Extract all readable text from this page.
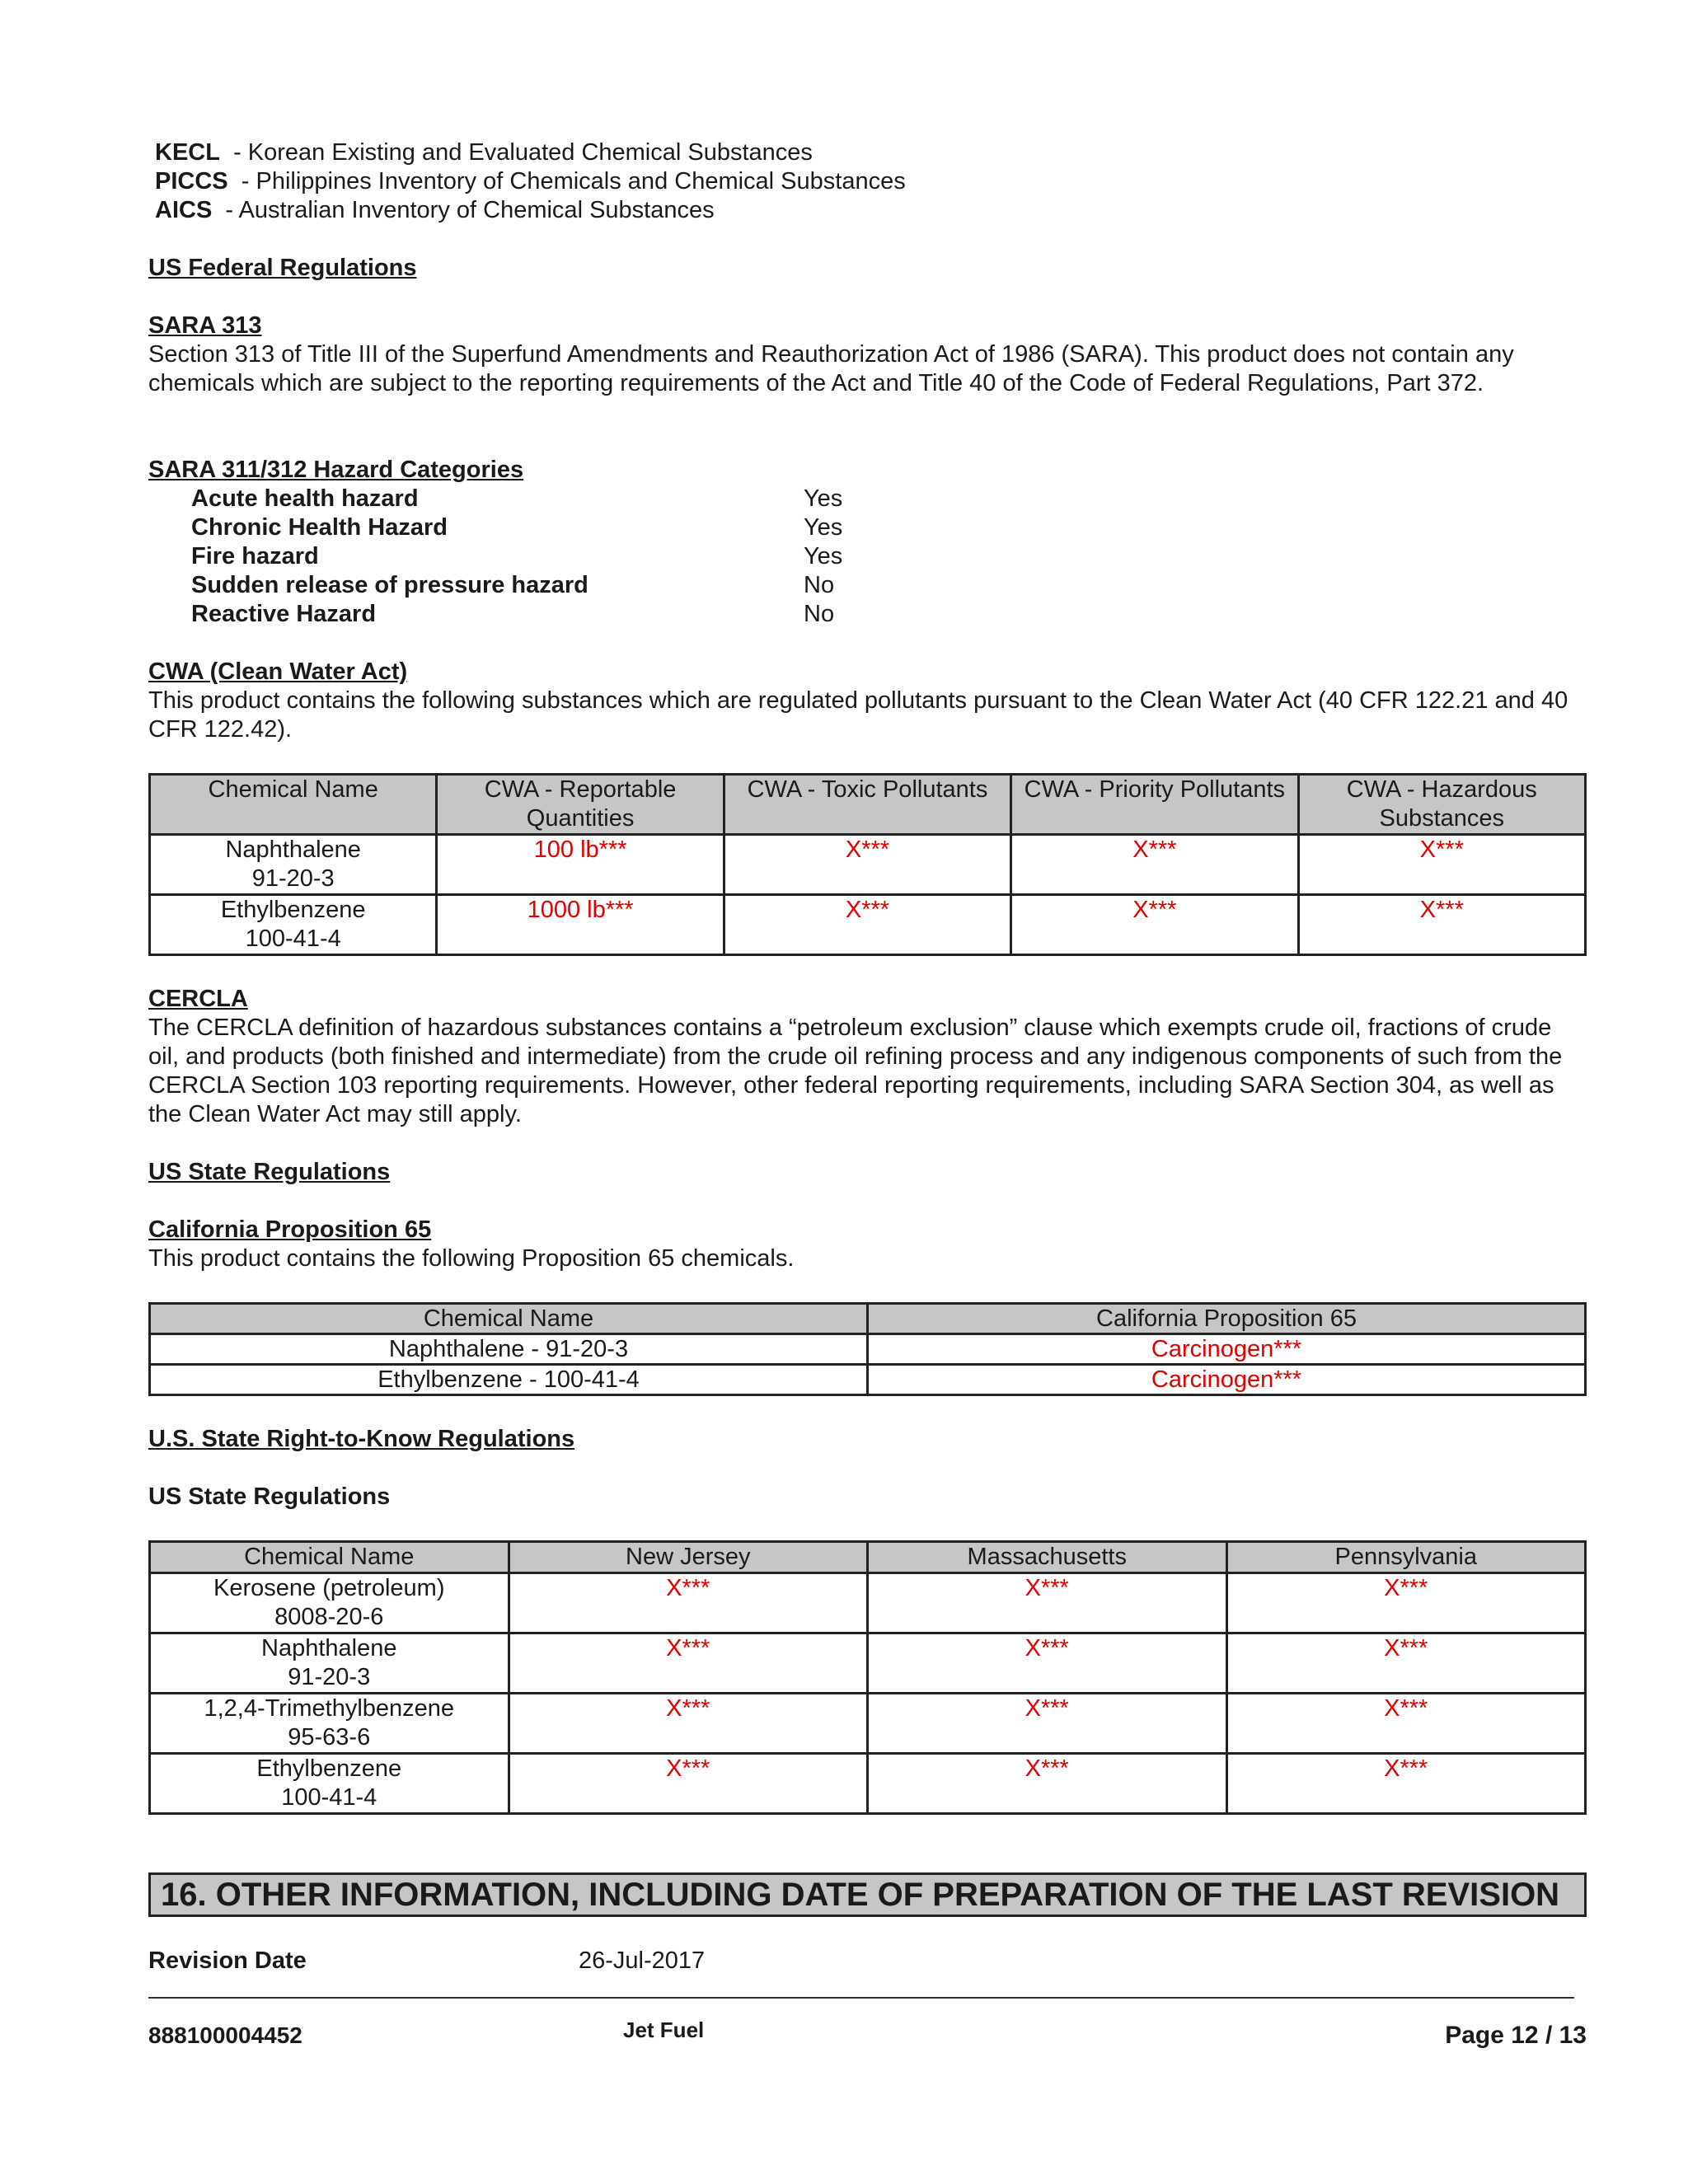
KECL - Korean Existing and Evaluated Chemical Substances
PICCS - Philippines Inventory of Chemicals and Chemical Substances
AICS - Australian Inventory of Chemical Substances
US Federal Regulations
SARA 313
Section 313 of Title III of the Superfund Amendments and Reauthorization Act of 1986 (SARA). This product does not contain any chemicals which are subject to the reporting requirements of the Act and Title 40 of the Code of Federal Regulations, Part 372.
SARA 311/312 Hazard Categories
Acute health hazard	Yes
Chronic Health Hazard	Yes
Fire hazard	Yes
Sudden release of pressure hazard	No
Reactive Hazard	No
CWA (Clean Water Act)
This product contains the following substances which are regulated pollutants pursuant to the Clean Water Act (40 CFR 122.21 and 40 CFR 122.42).
Chemical Name	CWA - Reportable Quantities	CWA - Toxic Pollutants	CWA - Priority Pollutants	CWA - Hazardous Substances

Naphthalene
91-20-3	100 lb***	X***	X***	X***

Ethylbenzene
100-41-4	1000 lb***	X***	X***	X***
CERCLA
The CERCLA definition of hazardous substances contains a “petroleum exclusion” clause which exempts crude oil, fractions of crude oil, and products (both finished and intermediate) from the crude oil refining process and any indigenous components of such from the CERCLA Section 103 reporting requirements. However, other federal reporting requirements, including SARA Section 304, as well as the Clean Water Act may still apply.
US State Regulations
California Proposition 65
This product contains the following Proposition 65 chemicals.
Chemical Name	California Proposition 65
Naphthalene - 91-20-3	Carcinogen***
Ethylbenzene - 100-41-4	Carcinogen***
U.S. State Right-to-Know Regulations
US State Regulations
Chemical Name	New Jersey	Massachusetts	Pennsylvania

Kerosene (petroleum)
8008-20-6	X***	X***	X***

Naphthalene
91-20-3	X***	X***	X***

1,2,4-Trimethylbenzene
95-63-6	X***	X***	X***

Ethylbenzene
100-41-4	X***	X***	X***
16. OTHER INFORMATION, INCLUDING DATE OF PREPARATION OF THE LAST REVISION
Revision Date	26-Jul-2017
888100004452	Jet Fuel	Page 12 / 13
